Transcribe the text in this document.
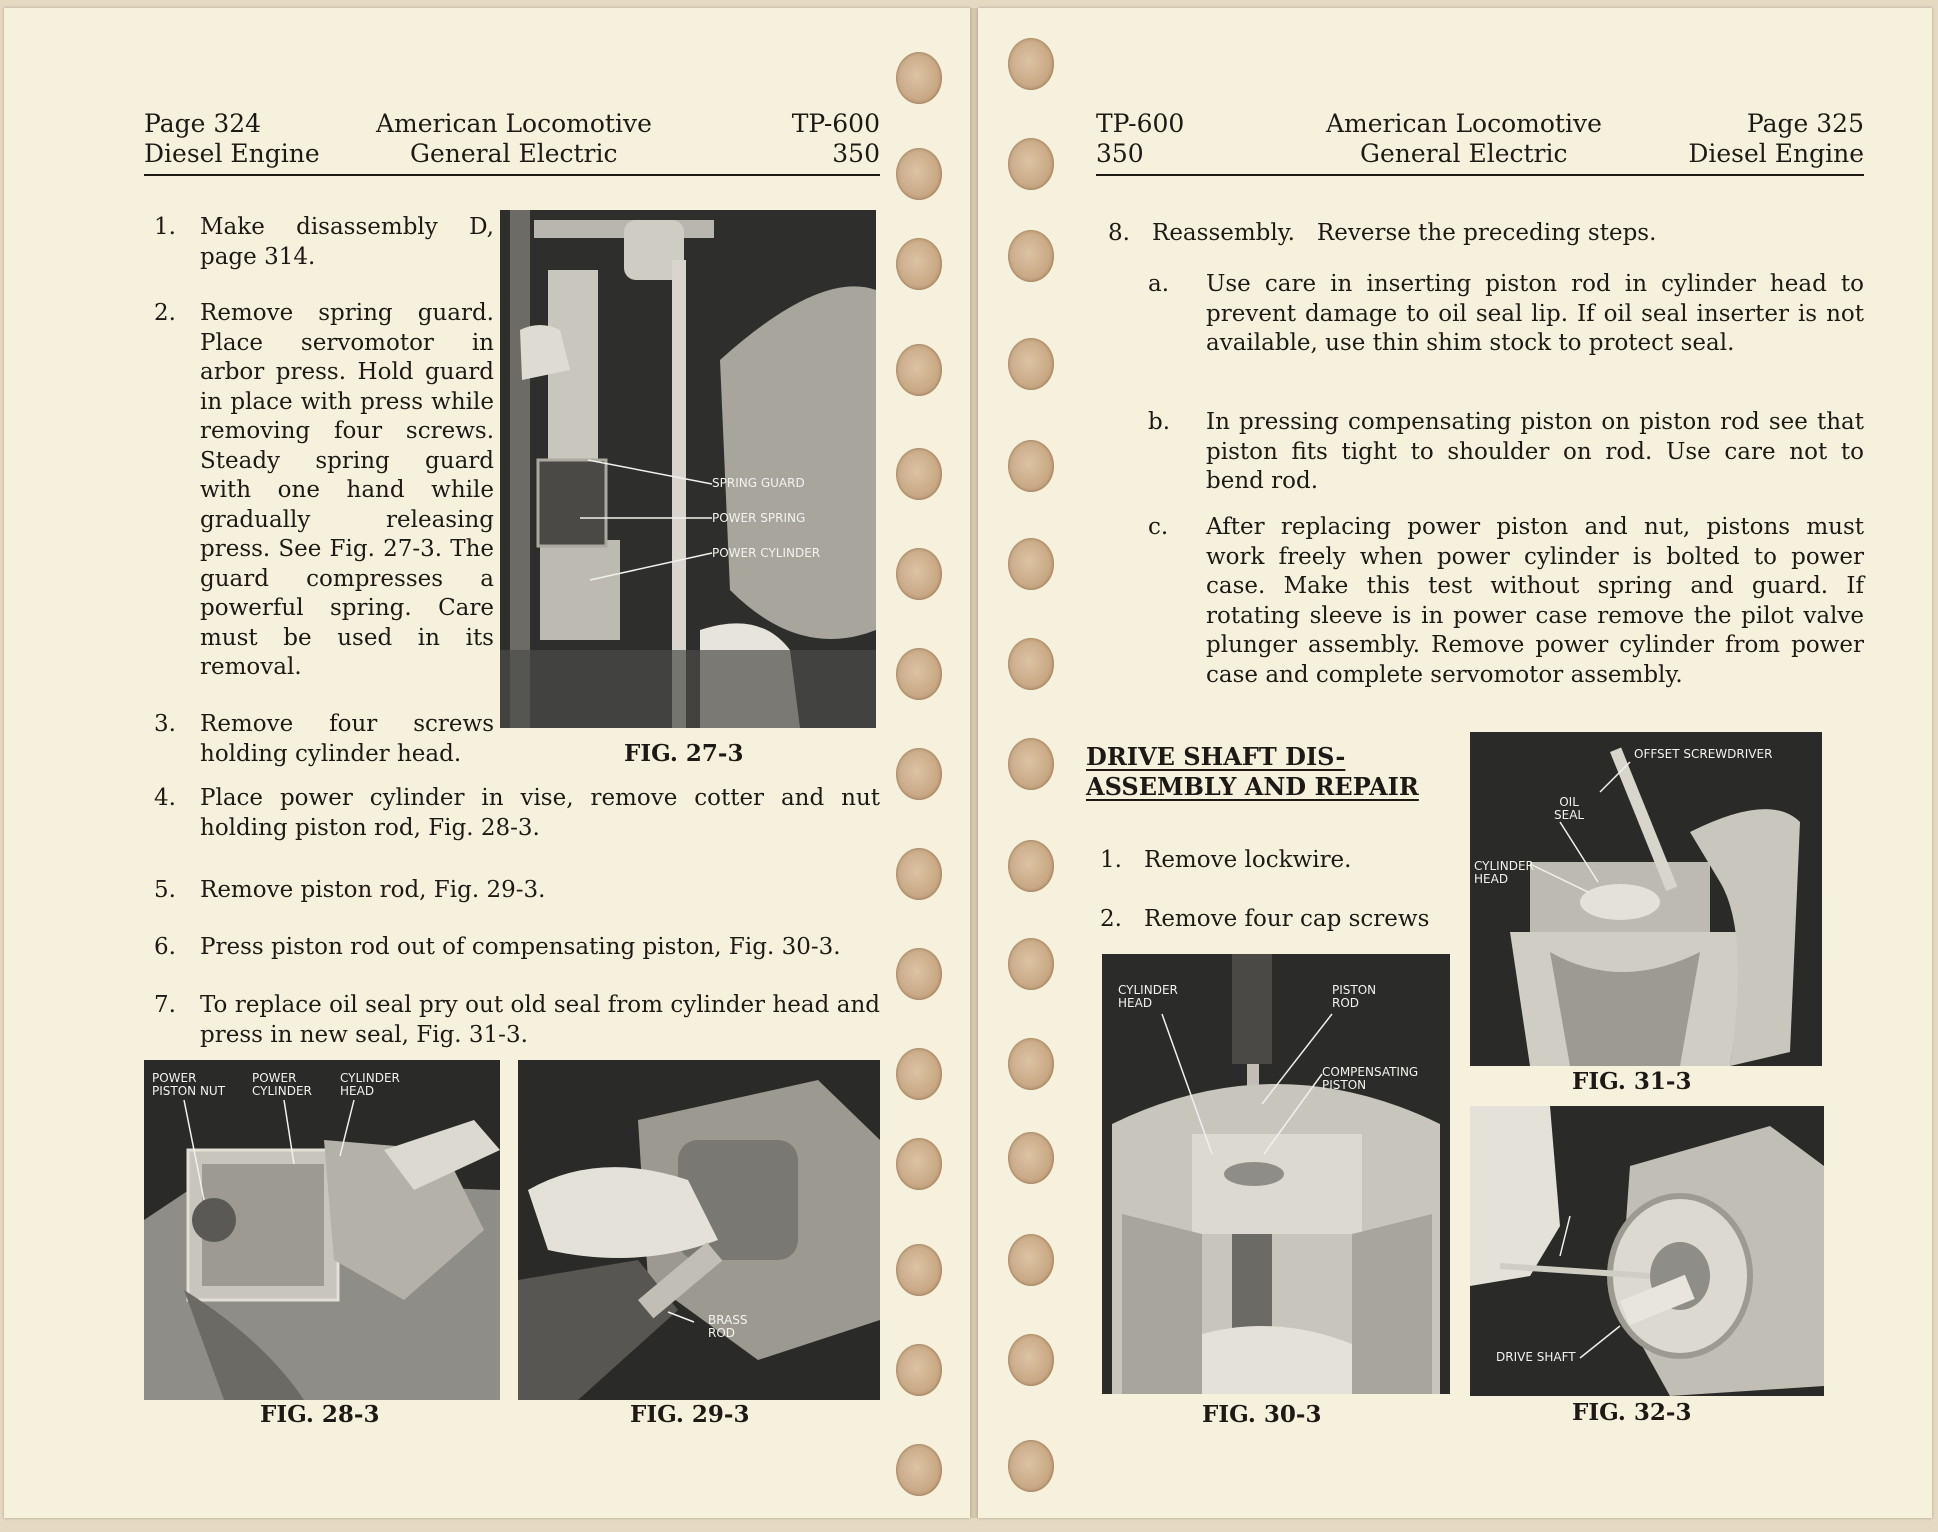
Page 324
Diesel Engine
American Locomotive
General Electric
TP-600
350
1. Make disassembly D, page 314.
2. Remove spring guard. Place servomotor in arbor press. Hold guard in place with press while removing four screws. Steady spring guard with one hand while gradually releasing press. See Fig. 27-3. The guard compresses a powerful spring. Care must be used in its removal.
3. Remove four screws holding cylinder head.
4. Place power cylinder in vise, remove cotter and nut holding piston rod, Fig. 28-3.
5. Remove piston rod, Fig. 29-3.
6. Press piston rod out of compensating piston, Fig. 30-3.
7. To replace oil seal pry out old seal from cylinder head and press in new seal, Fig. 31-3.
SPRING GUARD
POWER SPRING
POWER CYLINDER
FIG. 27-3
POWER
PISTON NUT
POWER
CYLINDER
CYLINDER
HEAD
FIG. 28-3
BRASS
ROD
FIG. 29-3
TP-600
350
American Locomotive
General Electric
Page 325
Diesel Engine
8. Reassembly.   Reverse the preceding steps.
a. Use care in inserting piston rod in cylinder head to prevent damage to oil seal lip. If oil seal inserter is not available, use thin shim stock to protect seal.
b. In pressing compensating piston on piston rod see that piston fits tight to shoulder on rod. Use care not to bend rod.
c. After replacing power piston and nut, pistons must work freely when power cylinder is bolted to power case. Make this test without spring and guard. If rotating sleeve is in power case remove the pilot valve plunger assembly. Remove power cylinder from power case and complete servomotor assembly.
DRIVE SHAFT DIS-
ASSEMBLY AND REPAIR
1. Remove lockwire.
2. Remove four cap screws
OFFSET SCREWDRIVER
OIL
SEAL
CYLINDER
HEAD
FIG. 31-3
CYLINDER
HEAD
PISTON
ROD
COMPENSATING
PISTON
FIG. 30-3
DRIVE SHAFT
FIG. 32-3
